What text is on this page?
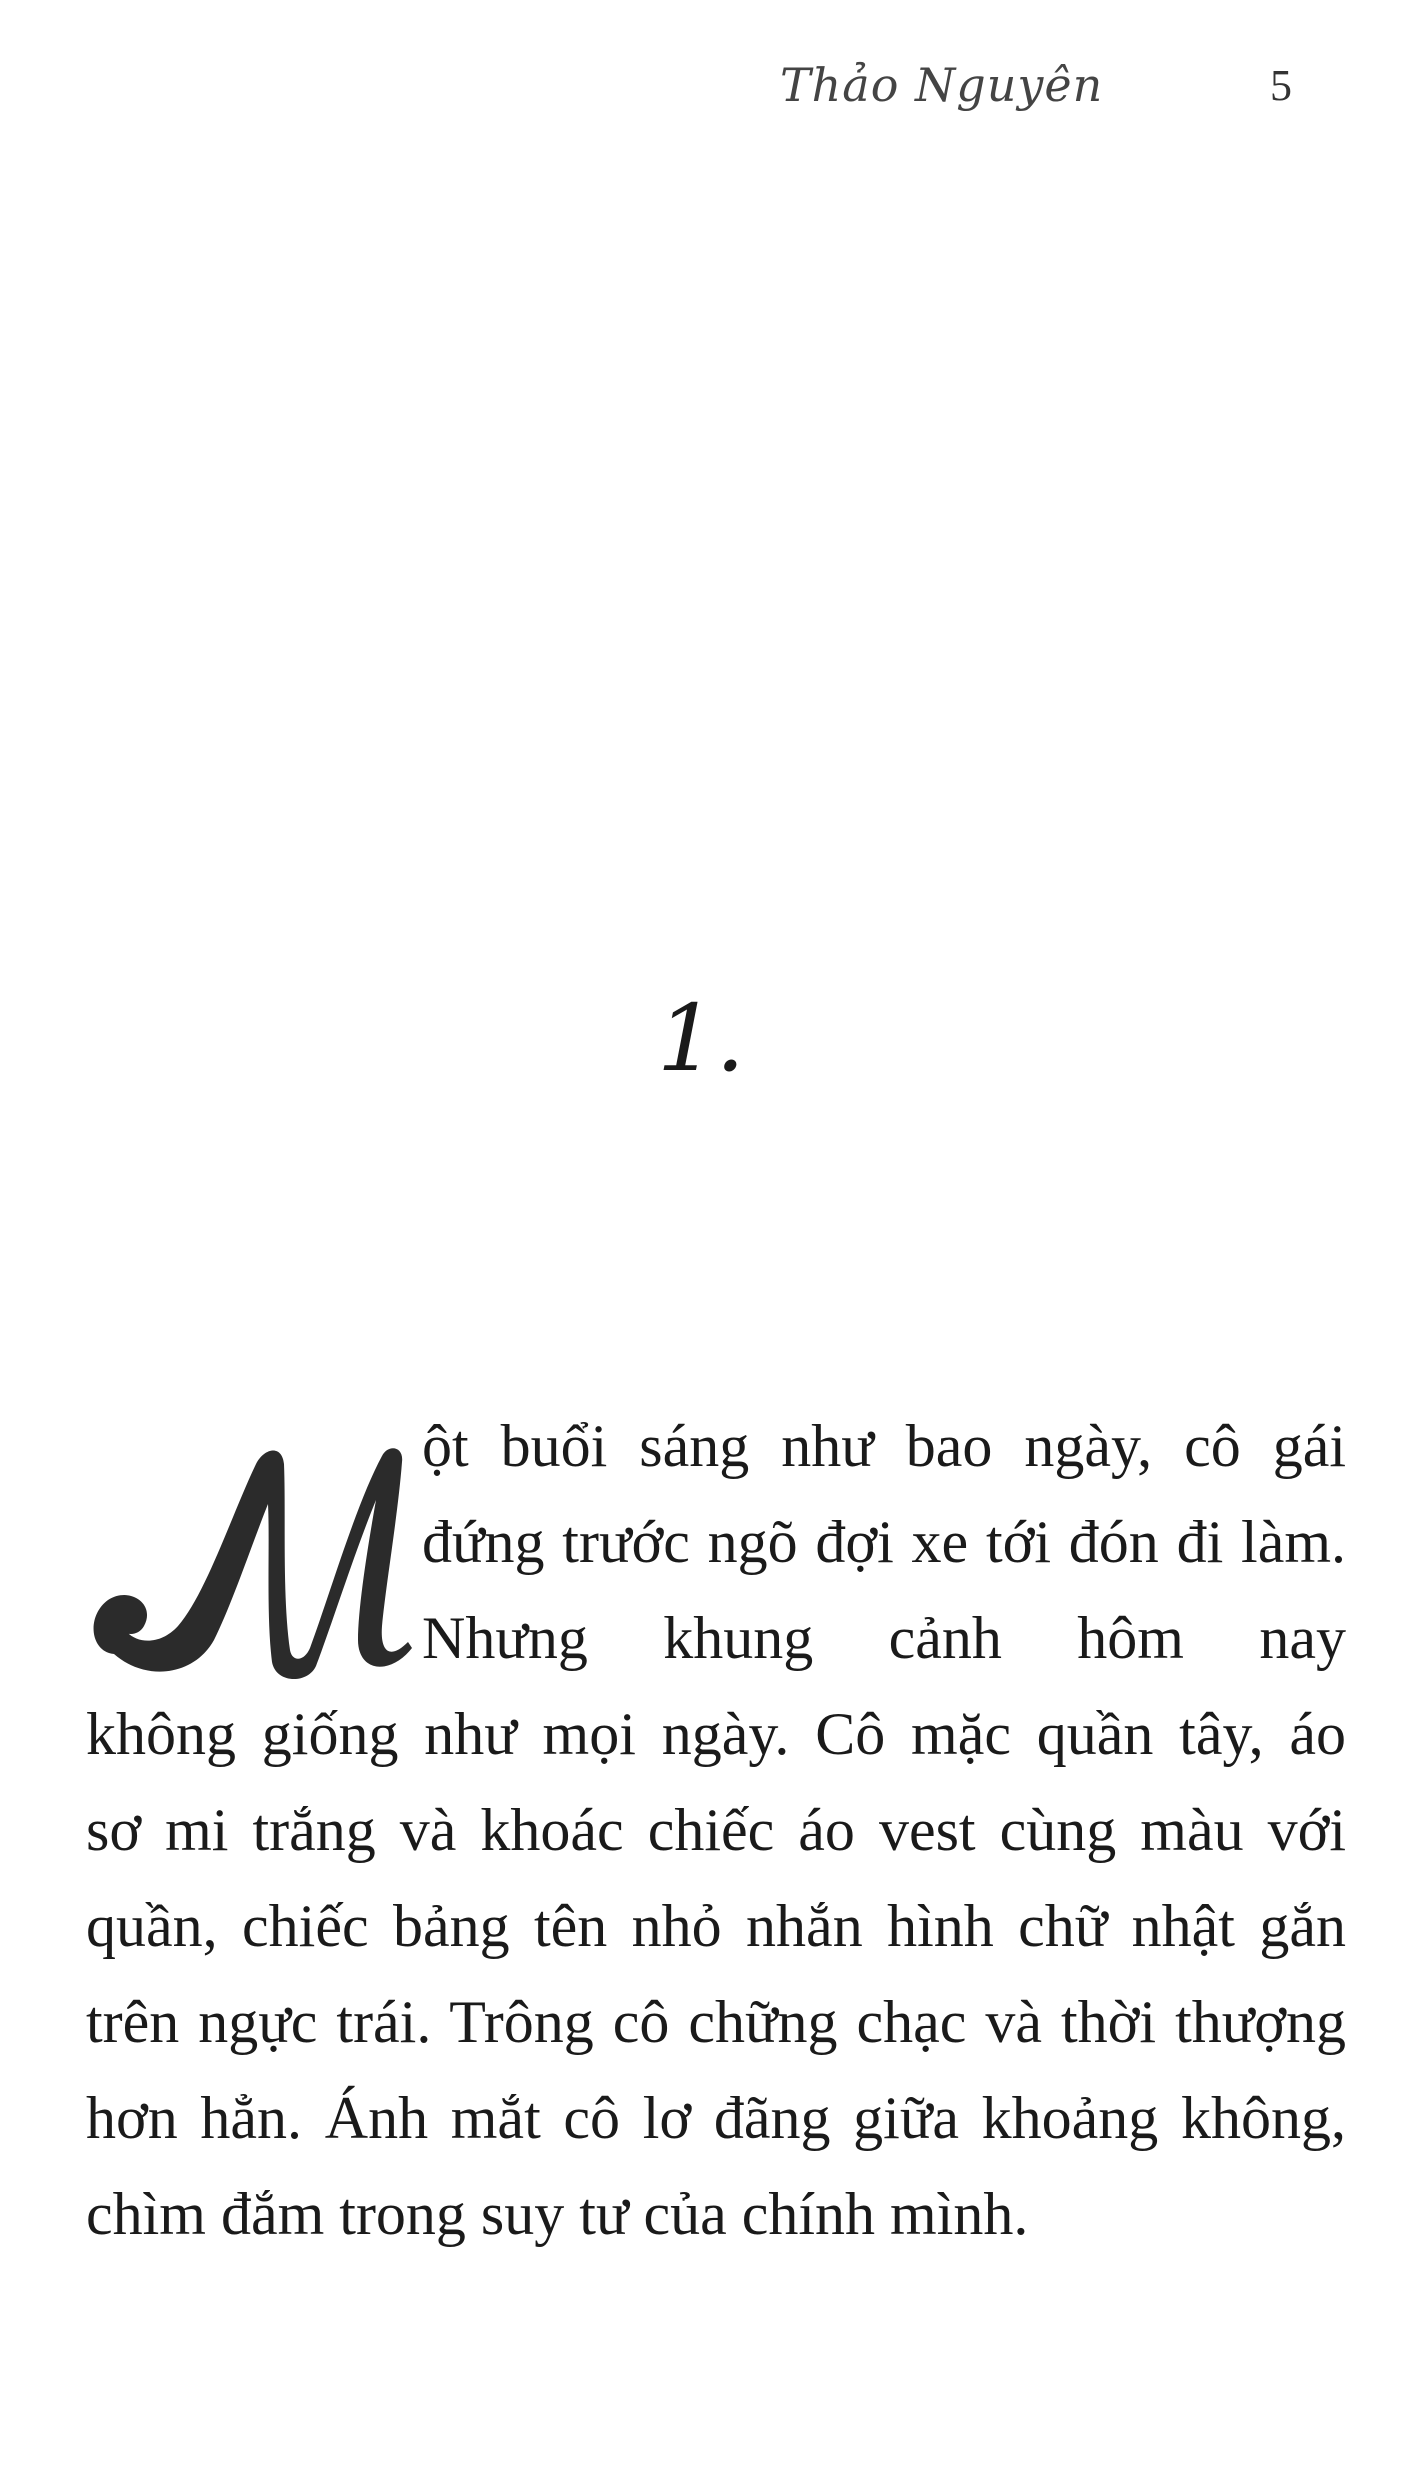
Thảo Nguyên	5
1.
ột buổi sáng như bao ngày, cô gái
đứng trước ngõ đợi xe tới đón đi làm.
Nhưng khung cảnh hôm nay
không giống như mọi ngày. Cô mặc quần tây, áo
sơ mi trắng và khoác chiếc áo vest cùng màu với
quần, chiếc bảng tên nhỏ nhắn hình chữ nhật gắn
trên ngực trái. Trông cô chững chạc và thời thượng
hơn hẳn. Ánh mắt cô lơ đãng giữa khoảng không,
chìm đắm trong suy tư của chính mình.
